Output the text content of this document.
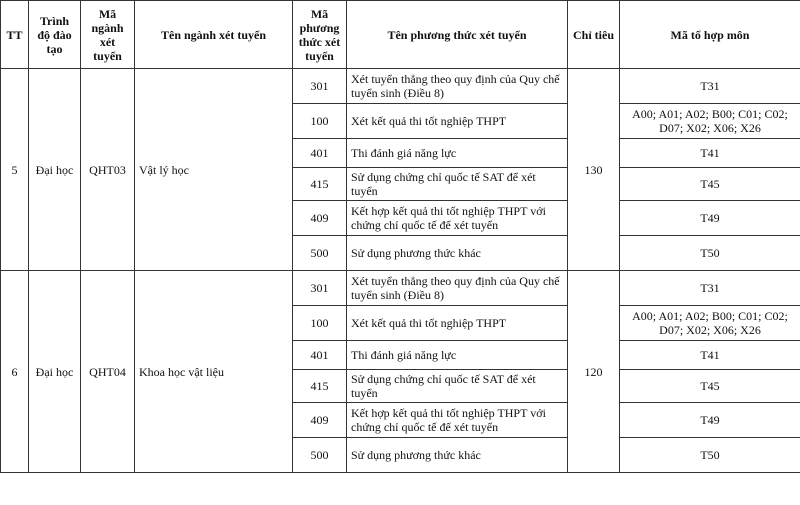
TT	Trình độ đào tạo	Mã ngành xét tuyển	Tên ngành xét tuyển	Mã phương thức xét tuyển	Tên phương thức xét tuyển	Chỉ tiêu	Mã tổ hợp môn
5	Đại học	QHT03	Vật lý học	301	Xét tuyển thẳng theo quy định của Quy chế tuyển sinh (Điều 8)	130	T31
				100	Xét kết quả thi tốt nghiệp THPT		A00; A01; A02; B00; C01; C02; D07; X02; X06; X26
				401	Thi đánh giá năng lực		T41
				415	Sử dụng chứng chỉ quốc tế SAT để xét tuyển		T45
				409	Kết hợp kết quả thi tốt nghiệp THPT với chứng chỉ quốc tế để xét tuyển		T49
				500	Sử dụng phương thức khác		T50
6	Đại học	QHT04	Khoa học vật liệu	301	Xét tuyển thẳng theo quy định của Quy chế tuyển sinh (Điều 8)	120	T31
				100	Xét kết quả thi tốt nghiệp THPT		A00; A01; A02; B00; C01; C02; D07; X02; X06; X26
				401	Thi đánh giá năng lực		T41
				415	Sử dụng chứng chỉ quốc tế SAT để xét tuyển		T45
				409	Kết hợp kết quả thi tốt nghiệp THPT với chứng chỉ quốc tế để xét tuyển		T49
				500	Sử dụng phương thức khác		T50
